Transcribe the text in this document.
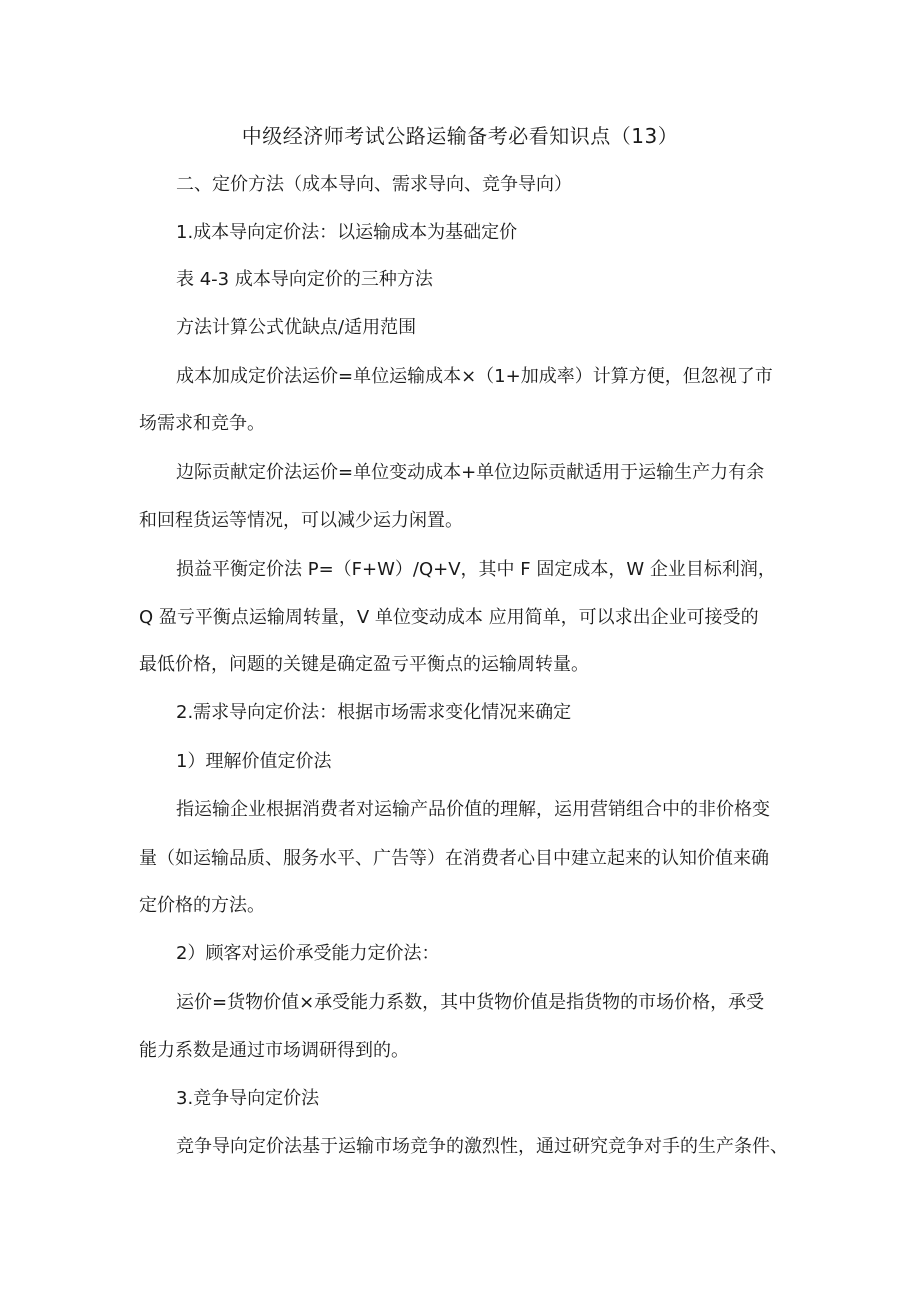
中级经济师考试公路运输备考必看知识点（13）

二、定价方法（成本导向、需求导向、竞争导向）

1.成本导向定价法：以运输成本为基础定价

表 4-3 成本导向定价的三种方法

方法计算公式优缺点/适用范围

成本加成定价法运价=单位运输成本×（1+加成率）计算方便，但忽视了市

场需求和竞争。

边际贡献定价法运价=单位变动成本+单位边际贡献适用于运输生产力有余

和回程货运等情况，可以减少运力闲置。

损益平衡定价法 P=（F+W）/Q+V，其中 F 固定成本，W 企业目标利润，

Q 盈亏平衡点运输周转量，V 单位变动成本 应用简单，可以求出企业可接受的

最低价格，问题的关键是确定盈亏平衡点的运输周转量。

2.需求导向定价法：根据市场需求变化情况来确定

1）理解价值定价法

指运输企业根据消费者对运输产品价值的理解，运用营销组合中的非价格变

量（如运输品质、服务水平、广告等）在消费者心目中建立起来的认知价值来确

定价格的方法。

2）顾客对运价承受能力定价法：

运价=货物价值×承受能力系数，其中货物价值是指货物的市场价格，承受

能力系数是通过市场调研得到的。

3.竞争导向定价法

竞争导向定价法基于运输市场竞争的激烈性，通过研究竞争对手的生产条件、
